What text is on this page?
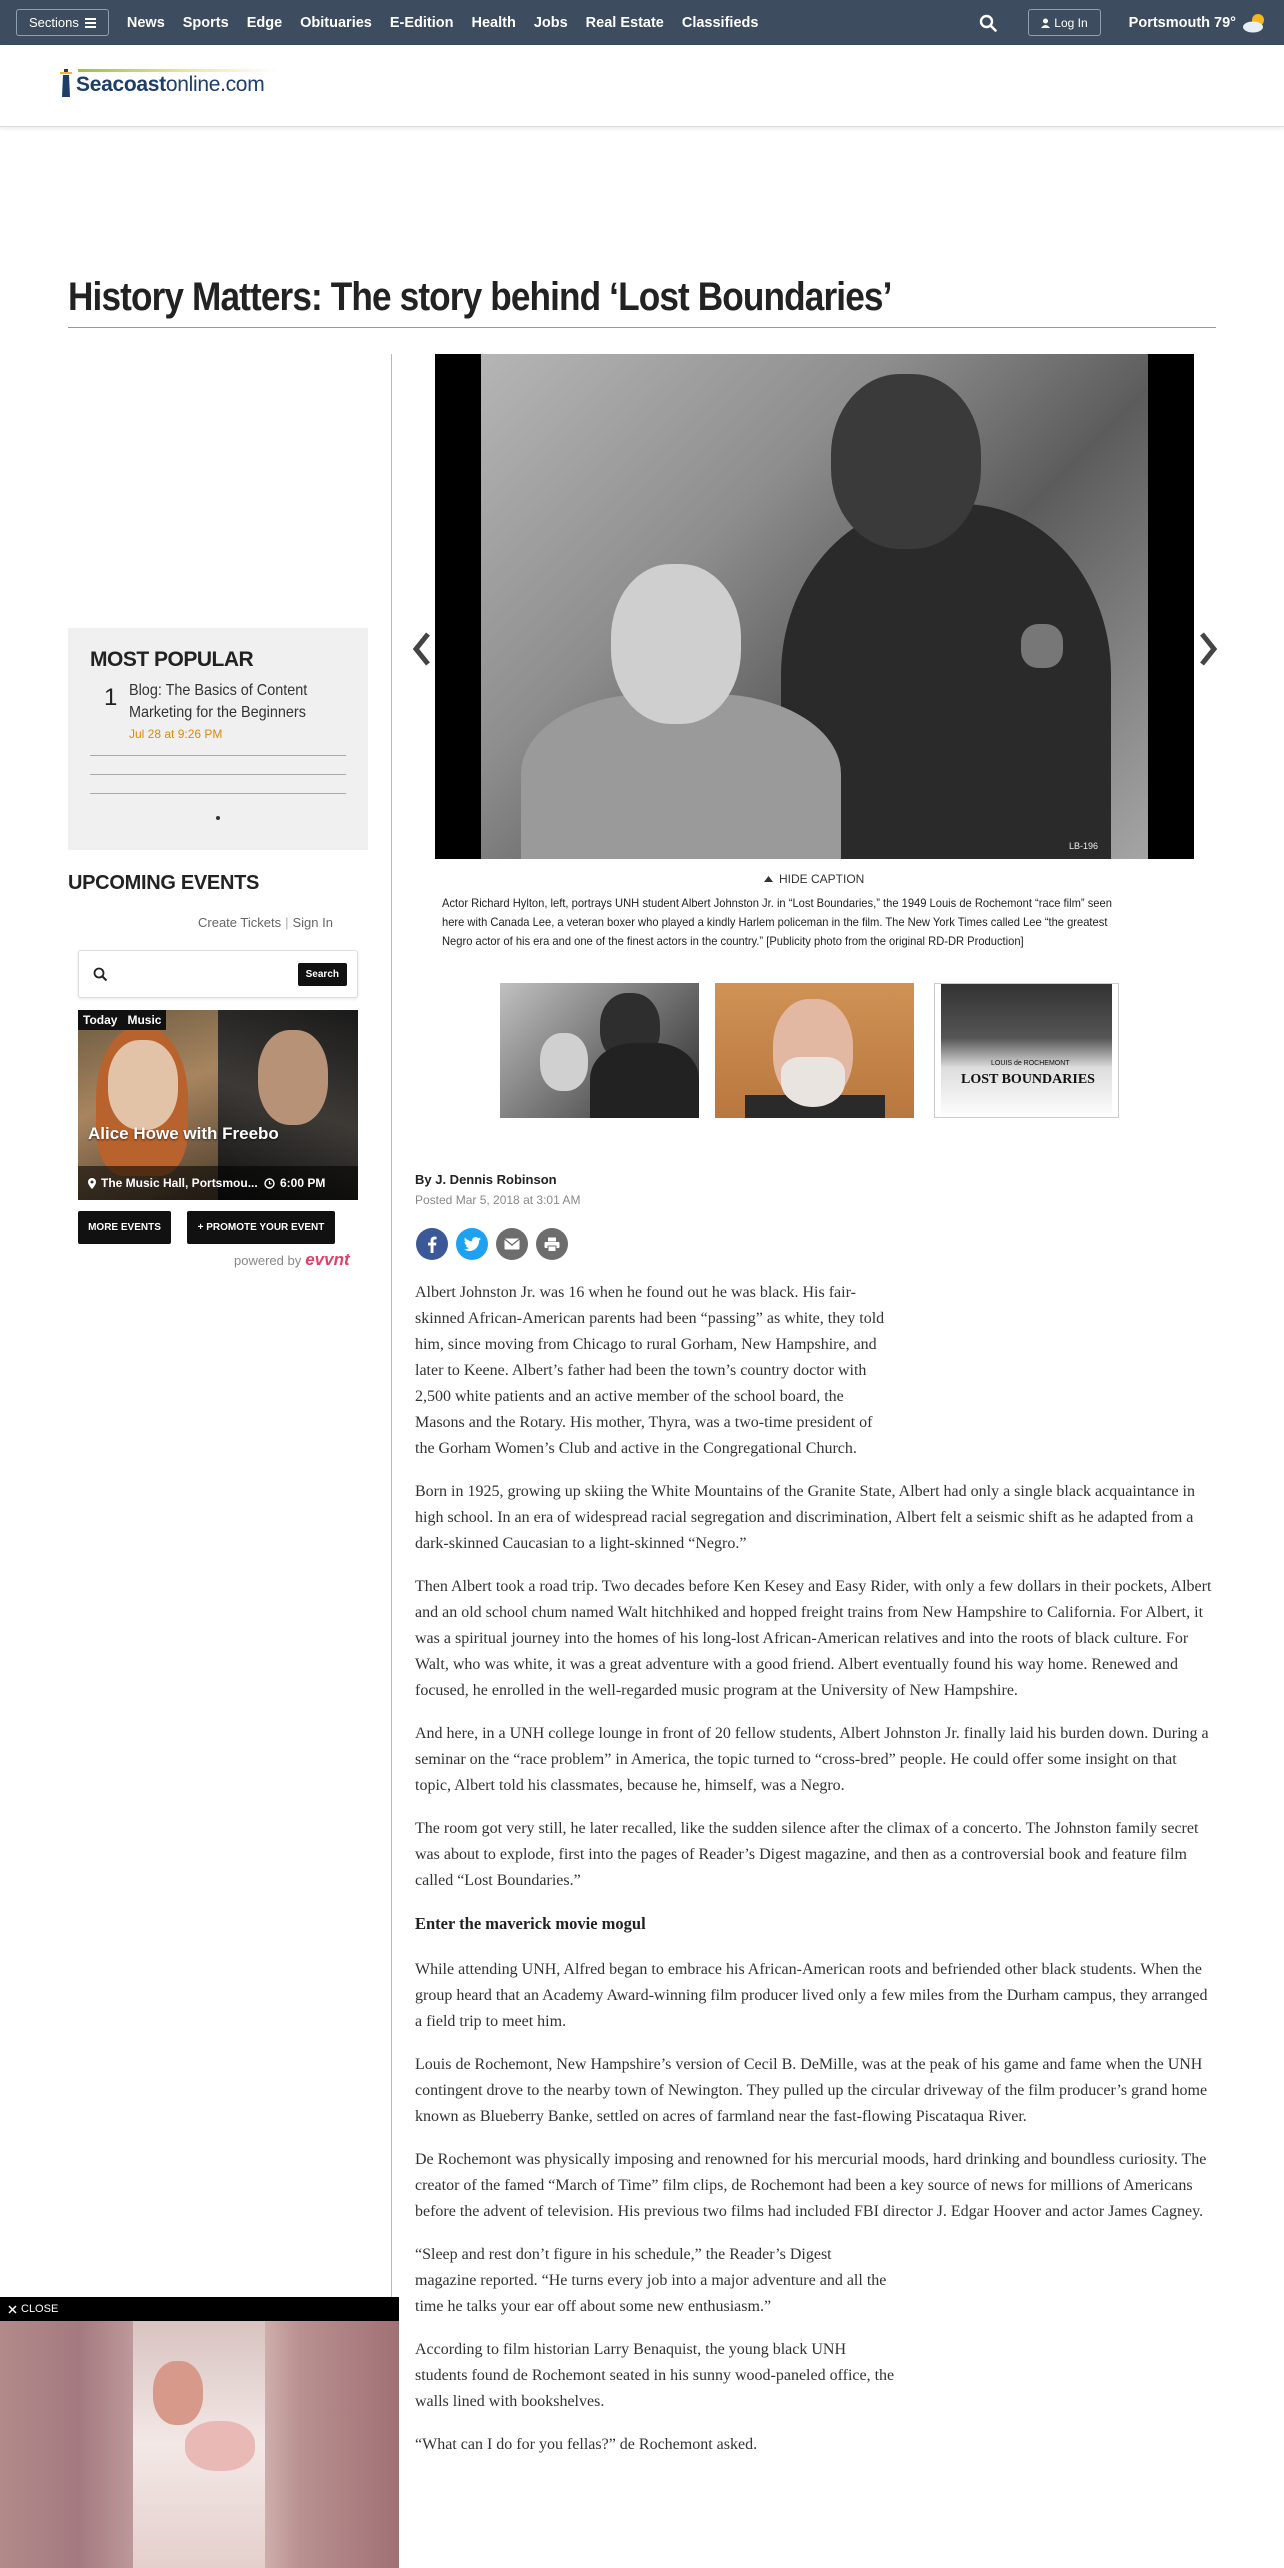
Sections	News Sports Edge Obituaries E-Edition Health Jobs Real Estate Classifieds	Log In	Portsmouth 79°
Seacoastonline.com
History Matters: The story behind ‘Lost Boundaries’
MOST POPULAR
1 Blog: The Basics of Content Marketing for the Beginners
Jul 28 at 9:26 PM
UPCOMING EVENTS
Create Tickets | Sign In
Search
Today Music
Alice Howe with Freebo
The Music Hall, Portsmou... 6:00 PM
MORE EVENTS	+ PROMOTE YOUR EVENT
powered by evvnt
CLOSE
LB-196
HIDE CAPTION

Actor Richard Hylton, left, portrays UNH student Albert Johnston Jr. in “Lost Boundaries,” the 1949 Louis de Rochemont “race film” seen here with Canada Lee, a veteran boxer who played a kindly Harlem policeman in the film. The New York Times called Lee “the greatest Negro actor of his era and one of the finest actors in the country.” [Publicity photo from the original RD-DR Production]

LOUIS de ROCHEMONT
LOST BOUNDARIES
By J. Dennis Robinson
Posted Mar 5, 2018 at 3:01 AM

Albert Johnston Jr. was 16 when he found out he was black. His fair-skinned African-American parents had been “passing” as white, they told him, since moving from Chicago to rural Gorham, New Hampshire, and later to Keene. Albert’s father had been the town’s country doctor with 2,500 white patients and an active member of the school board, the Masons and the Rotary. His mother, Thyra, was a two-time president of the Gorham Women’s Club and active in the Congregational Church.

Born in 1925, growing up skiing the White Mountains of the Granite State, Albert had only a single black acquaintance in high school. In an era of widespread racial segregation and discrimination, Albert felt a seismic shift as he adapted from a dark-skinned Caucasian to a light-skinned “Negro.”

Then Albert took a road trip. Two decades before Ken Kesey and Easy Rider, with only a few dollars in their pockets, Albert and an old school chum named Walt hitchhiked and hopped freight trains from New Hampshire to California. For Albert, it was a spiritual journey into the homes of his long-lost African-American relatives and into the roots of black culture. For Walt, who was white, it was a great adventure with a good friend. Albert eventually found his way home. Renewed and focused, he enrolled in the well-regarded music program at the University of New Hampshire.

And here, in a UNH college lounge in front of 20 fellow students, Albert Johnston Jr. finally laid his burden down. During a seminar on the “race problem” in America, the topic turned to “cross-bred” people. He could offer some insight on that topic, Albert told his classmates, because he, himself, was a Negro.

The room got very still, he later recalled, like the sudden silence after the climax of a concerto. The Johnston family secret was about to explode, first into the pages of Reader’s Digest magazine, and then as a controversial book and feature film called “Lost Boundaries.”

Enter the maverick movie mogul

While attending UNH, Alfred began to embrace his African-American roots and befriended other black students. When the group heard that an Academy Award-winning film producer lived only a few miles from the Durham campus, they arranged a field trip to meet him.

Louis de Rochemont, New Hampshire’s version of Cecil B. DeMille, was at the peak of his game and fame when the UNH contingent drove to the nearby town of Newington. They pulled up the circular driveway of the film producer’s grand home known as Blueberry Banke, settled on acres of farmland near the fast-flowing Piscataqua River.

De Rochemont was physically imposing and renowned for his mercurial moods, hard drinking and boundless curiosity. The creator of the famed “March of Time” film clips, de Rochemont had been a key source of news for millions of Americans before the advent of television. His previous two films had included FBI director J. Edgar Hoover and actor James Cagney.

“Sleep and rest don’t figure in his schedule,” the Reader’s Digest magazine reported. “He turns every job into a major adventure and all the time he talks your ear off about some new enthusiasm.”

According to film historian Larry Benaquist, the young black UNH students found de Rochemont seated in his sunny wood-paneled office, the walls lined with bookshelves.

“What can I do for you fellas?” de Rochemont asked.
